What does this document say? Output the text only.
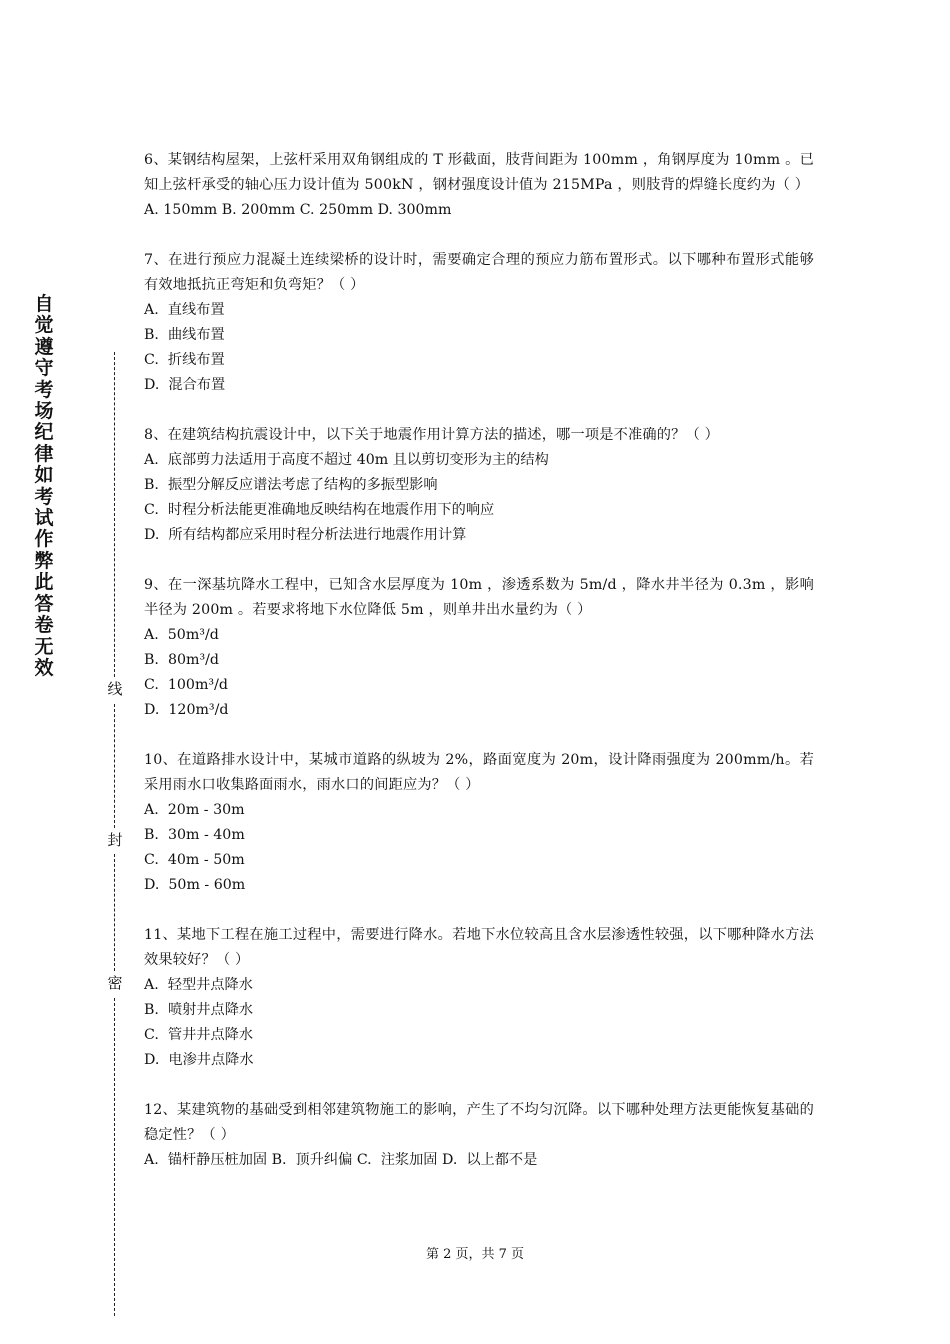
自觉遵守考场纪律如考试作弊此答卷无效
线
封
密
6、某钢结构屋架，上弦杆采用双角钢组成的 T 形截面，肢背间距为 100mm ，角钢厚度为 10mm 。已知上弦杆承受的轴心压力设计值为 500kN ，钢材强度设计值为 215MPa ，则肢背的焊缝长度约为（ ）
A. 150mm B. 200mm C. 250mm D. 300mm
7、在进行预应力混凝土连续梁桥的设计时，需要确定合理的预应力筋布置形式。以下哪种布置形式能够有效地抵抗正弯矩和负弯矩？（ ）
A.  直线布置
B.  曲线布置
C.  折线布置
D.  混合布置
8、在建筑结构抗震设计中，以下关于地震作用计算方法的描述，哪一项是不准确的？（ ）
A.  底部剪力法适用于高度不超过 40m 且以剪切变形为主的结构
B.  振型分解反应谱法考虑了结构的多振型影响
C.  时程分析法能更准确地反映结构在地震作用下的响应
D.  所有结构都应采用时程分析法进行地震作用计算
9、在一深基坑降水工程中，已知含水层厚度为 10m ，渗透系数为 5m/d ，降水井半径为 0.3m ，影响半径为 200m 。若要求将地下水位降低 5m ，则单井出水量约为（ ）
A.  50m³/d
B.  80m³/d
C.  100m³/d
D.  120m³/d
10、在道路排水设计中，某城市道路的纵坡为 2%，路面宽度为 20m，设计降雨强度为 200mm/h。若采用雨水口收集路面雨水，雨水口的间距应为？（ ）
A.  20m - 30m
B.  30m - 40m
C.  40m - 50m
D.  50m - 60m
11、某地下工程在施工过程中，需要进行降水。若地下水位较高且含水层渗透性较强，以下哪种降水方法效果较好？（ ）
A.  轻型井点降水
B.  喷射井点降水
C.  管井井点降水
D.  电渗井点降水
12、某建筑物的基础受到相邻建筑物施工的影响，产生了不均匀沉降。以下哪种处理方法更能恢复基础的稳定性？（ ）
A.  锚杆静压桩加固 B.  顶升纠偏 C.  注浆加固 D.  以上都不是
第 2 页，共 7 页
